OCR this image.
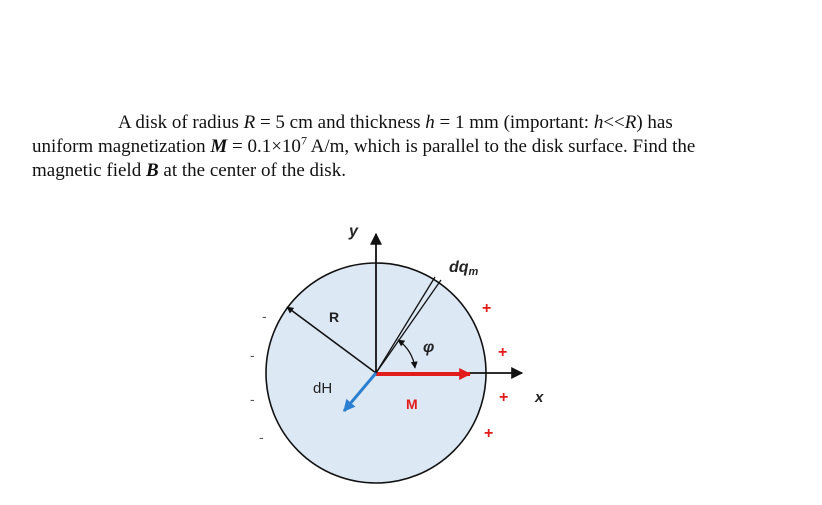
A disk of radius R = 5 cm and thickness h = 1 mm (important: h<<R) has
uniform magnetization $M = 0.1\times 10^7$ A/m, which is parallel to the disk surface. Find the
magnetic field B at the center of the disk.
y
x
R
dH
M
φ
dqm
+
+
+
+
-
-
-
-
